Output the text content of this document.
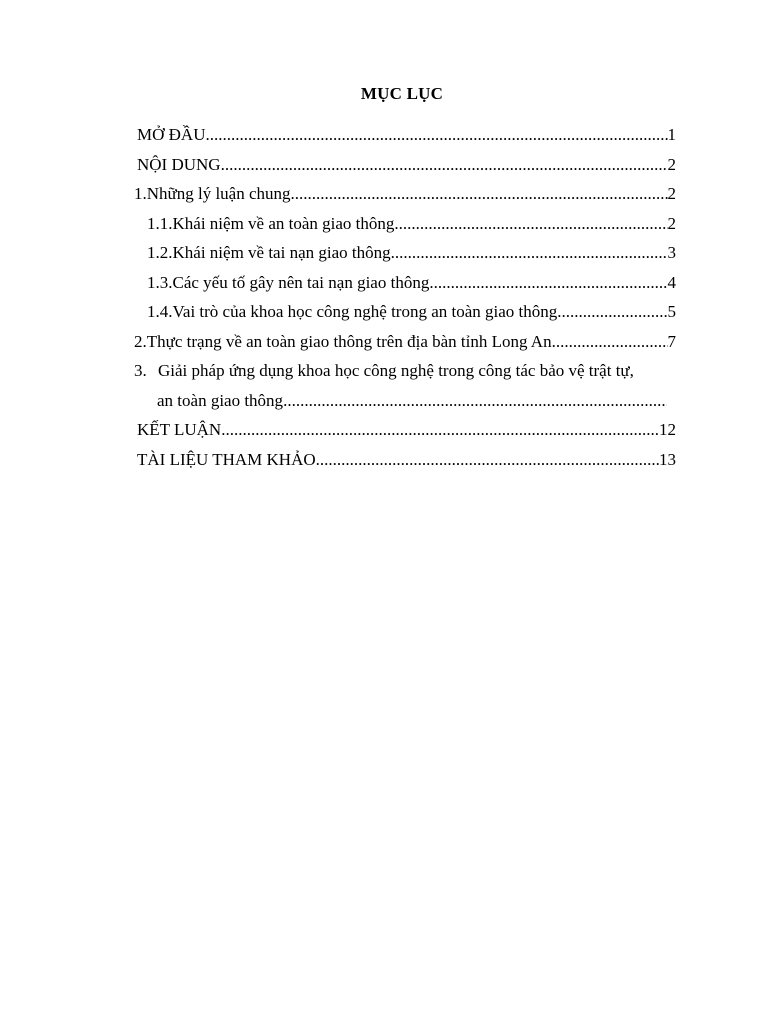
MỤC LỤC
MỞ ĐẦU .....	1
NỘI DUNG .....	2
1. Những lý luận chung .....	2
1.1.Khái niệm về an toàn giao thông .....	2
1.2.Khái niệm về tai nạn giao thông .....	3
1.3.Các yếu tố gây nên tai nạn giao thông .....	4
1.4.Vai trò của khoa học công nghệ trong an toàn giao thông .....	5
2. Thực trạng về an toàn giao thông trên địa bàn tỉnh Long An .....	7
3. Giải pháp ứng dụng khoa học công nghệ trong công tác bảo vệ trật tự,
an toàn giao thông
.....
KẾT LUẬN .....	12
TÀI LIỆU THAM KHẢO .....	13
